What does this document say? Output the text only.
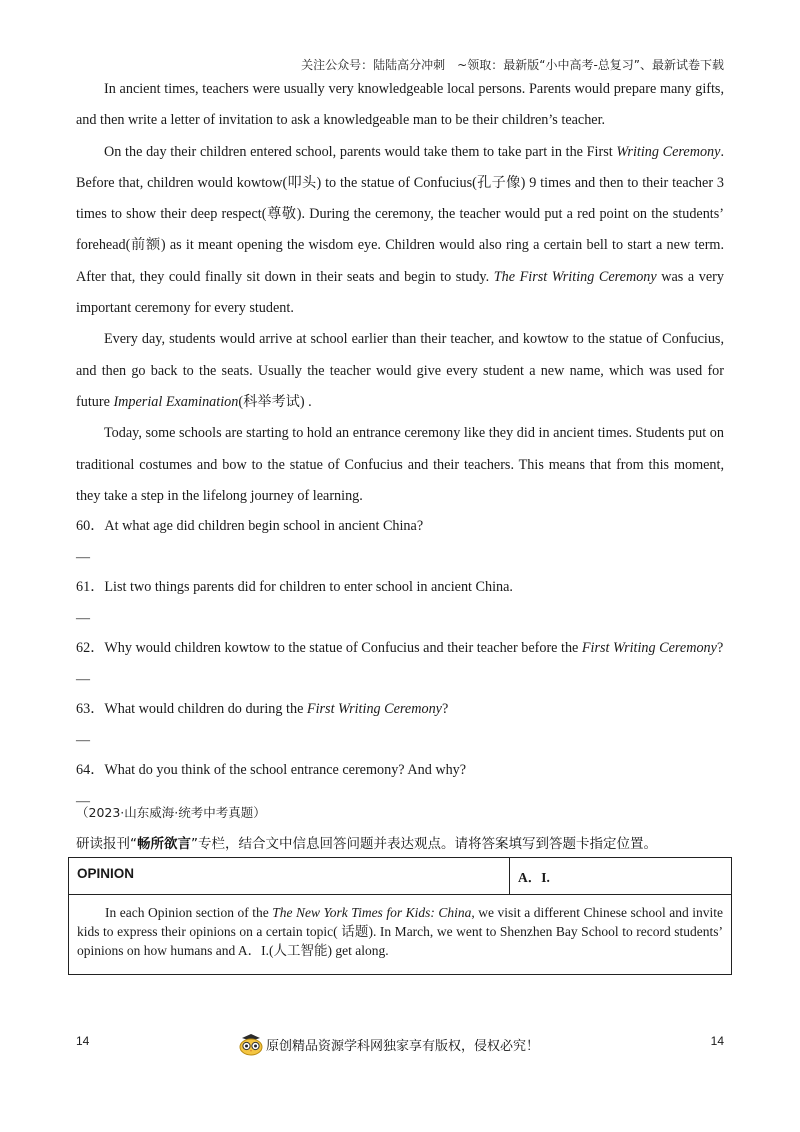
关注公众号：陆陆高分冲刺　~领取：最新版“小中高考-总复习”、最新试卷下载

In ancient times, teachers were usually very knowledgeable local persons. Parents would prepare many gifts, and then write a letter of invitation to ask a knowledgeable man to be their children’s teacher.

On the day their children entered school, parents would take them to take part in the First Writing Ceremony. Before that, children would kowtow(叩头) to the statue of Confucius(孔子像) 9 times and then to their teacher 3 times to show their deep respect(尊敬). During the ceremony, the teacher would put a red point on the students’ forehead(前额) as it meant opening the wisdom eye. Children would also ring a certain bell to start a new term. After that, they could finally sit down in their seats and begin to study. The First Writing Ceremony was a very important ceremony for every student.

Every day, students would arrive at school earlier than their teacher, and kowtow to the statue of Confucius, and then go back to the seats. Usually the teacher would give every student a new name, which was used for future Imperial Examination(科举考试) .

Today, some schools are starting to hold an entrance ceremony like they did in ancient times. Students put on traditional costumes and bow to the statue of Confucius and their teachers. This means that from this moment, they take a step in the lifelong journey of learning.

60．At what age did children begin school in ancient China?
—
61．List two things parents did for children to enter school in ancient China.
—
62．Why would children kowtow to the statue of Confucius and their teacher before the First Writing Ceremony?
—
63．What would children do during the First Writing Ceremony?
—
64．What do you think of the school entrance ceremony? And why?
—
（2023·山东威海·统考中考真题）
研读报刊“畅所欲言”专栏，结合文中信息回答问题并表达观点。请将答案填写到答题卡指定位置。
OPINION	A．I.
In each Opinion section of the The New York Times for Kids: China, we visit a different Chinese school and invite kids to express their opinions on a certain topic( 话题). In March, we went to Shenzhen Bay School to record students’ opinions on how humans and A．I.(人工智能) get along.
14	原创精品资源学科网独家享有版权，侵权必究！	14
